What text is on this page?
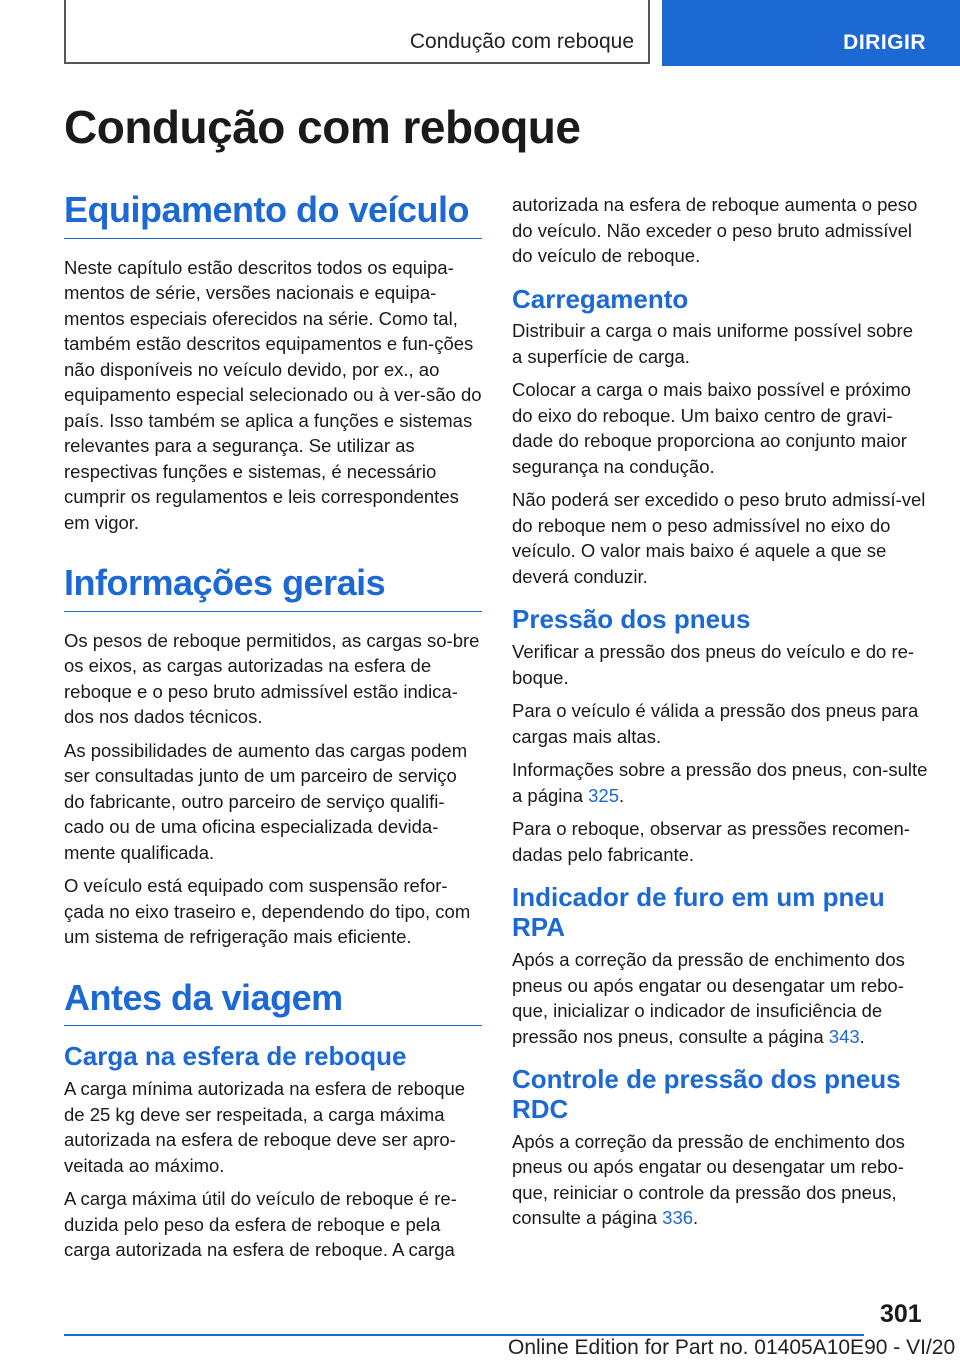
Condução com reboque	DIRIGIR
Condução com reboque
Equipamento do veículo

Neste capítulo estão descritos todos os equipa‐mentos de série, versões nacionais e equipa‐mentos especiais oferecidos na série. Como tal, também estão descritos equipamentos e fun‐ções não disponíveis no veículo devido, por ex., ao equipamento especial selecionado ou à ver‐são do país. Isso também se aplica a funções e sistemas relevantes para a segurança. Se utilizar as respectivas funções e sistemas, é necessário cumprir os regulamentos e leis correspondentes em vigor.

Informações gerais

Os pesos de reboque permitidos, as cargas so‐bre os eixos, as cargas autorizadas na esfera de reboque e o peso bruto admissível estão indica‐dos nos dados técnicos.

As possibilidades de aumento das cargas podem ser consultadas junto de um parceiro de serviço do fabricante, outro parceiro de serviço qualifi‐cado ou de uma oficina especializada devida‐mente qualificada.

O veículo está equipado com suspensão refor‐çada no eixo traseiro e, dependendo do tipo, com um sistema de refrigeração mais eficiente.

Antes da viagem
Carga na esfera de reboque

A carga mínima autorizada na esfera de reboque de 25 kg deve ser respeitada, a carga máxima autorizada na esfera de reboque deve ser apro‐veitada ao máximo.

A carga máxima útil do veículo de reboque é re‐duzida pelo peso da esfera de reboque e pela carga autorizada na esfera de reboque. A carga

autorizada na esfera de reboque aumenta o peso do veículo. Não exceder o peso bruto admissível do veículo de reboque.

Carregamento

Distribuir a carga o mais uniforme possível sobre a superfície de carga.

Colocar a carga o mais baixo possível e próximo do eixo do reboque. Um baixo centro de gravi‐dade do reboque proporciona ao conjunto maior segurança na condução.

Não poderá ser excedido o peso bruto admissí‐vel do reboque nem o peso admissível no eixo do veículo. O valor mais baixo é aquele a que se deverá conduzir.

Pressão dos pneus

Verificar a pressão dos pneus do veículo e do re‐boque.

Para o veículo é válida a pressão dos pneus para cargas mais altas.

Informações sobre a pressão dos pneus, con‐sulte a página 325.

Para o reboque, observar as pressões recomen‐dadas pelo fabricante.

Indicador de furo em um pneu RPA

Após a correção da pressão de enchimento dos pneus ou após engatar ou desengatar um rebo‐que, inicializar o indicador de insuficiência de pressão nos pneus, consulte a página 343.

Controle de pressão dos pneus RDC

Após a correção da pressão de enchimento dos pneus ou após engatar ou desengatar um rebo‐que, reiniciar o controle da pressão dos pneus, consulte a página 336.

301
Online Edition for Part no. 01405A10E90 - VI/20
